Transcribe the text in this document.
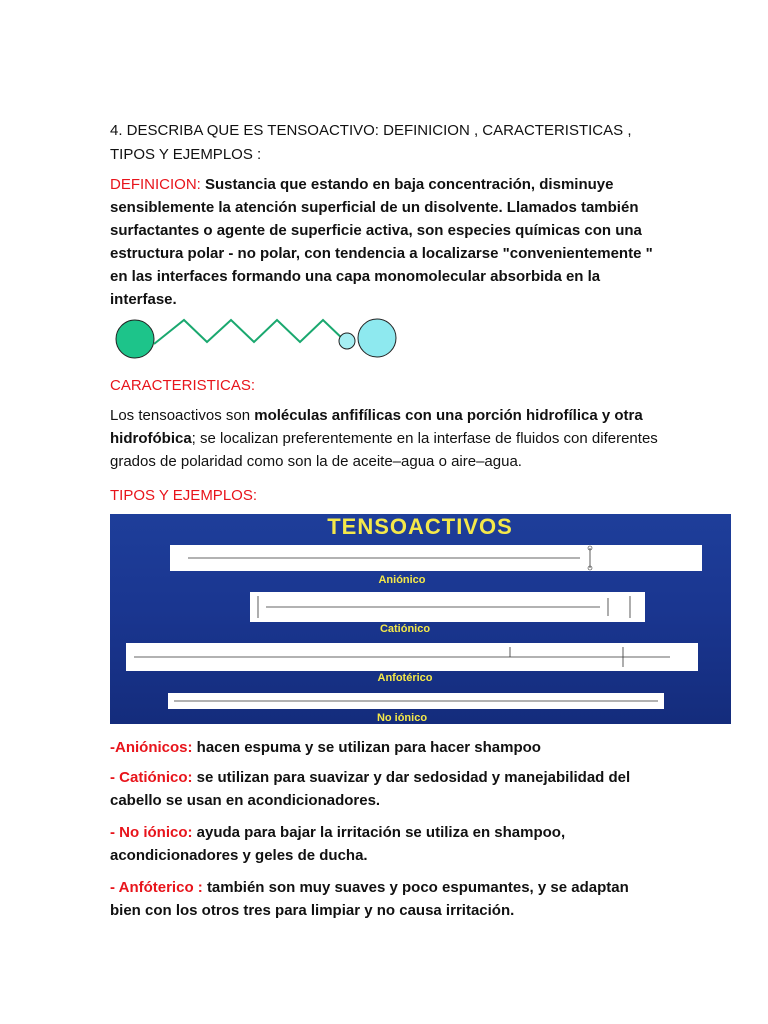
4. DESCRIBA QUE ES TENSOACTIVO: DEFINICION , CARACTERISTICAS ,
TIPOS Y EJEMPLOS :

DEFINICION: Sustancia que estando en baja concentración, disminuye sensiblemente la atención superficial de un disolvente. Llamados también surfactantes o agente de superficie activa, son especies químicas con una estructura polar - no polar, con tendencia a localizarse "convenientemente " en las interfaces formando una capa monomolecular absorbida en la interfase.

CARACTERISTICAS:

Los tensoactivos son moléculas anfifílicas con una porción hidrofílica y otra hidrofóbica; se localizan preferentemente en la interfase de fluidos con diferentes grados de polaridad como son la de aceite–agua o aire–agua.

TIPOS Y EJEMPLOS:

TENSOACTIVOS
Aniónico
Catiónico
Anfotérico
No iónico

-Aniónicos: hacen espuma y se utilizan para hacer shampoo

- Catiónico: se utilizan para suavizar y dar sedosidad y manejabilidad del cabello se usan en acondicionadores.

- No iónico: ayuda para bajar la irritación se utiliza en shampoo, acondicionadores y geles de ducha.

- Anfóterico : también son muy suaves y poco espumantes, y se adaptan bien con los otros tres para limpiar y no causa irritación.
